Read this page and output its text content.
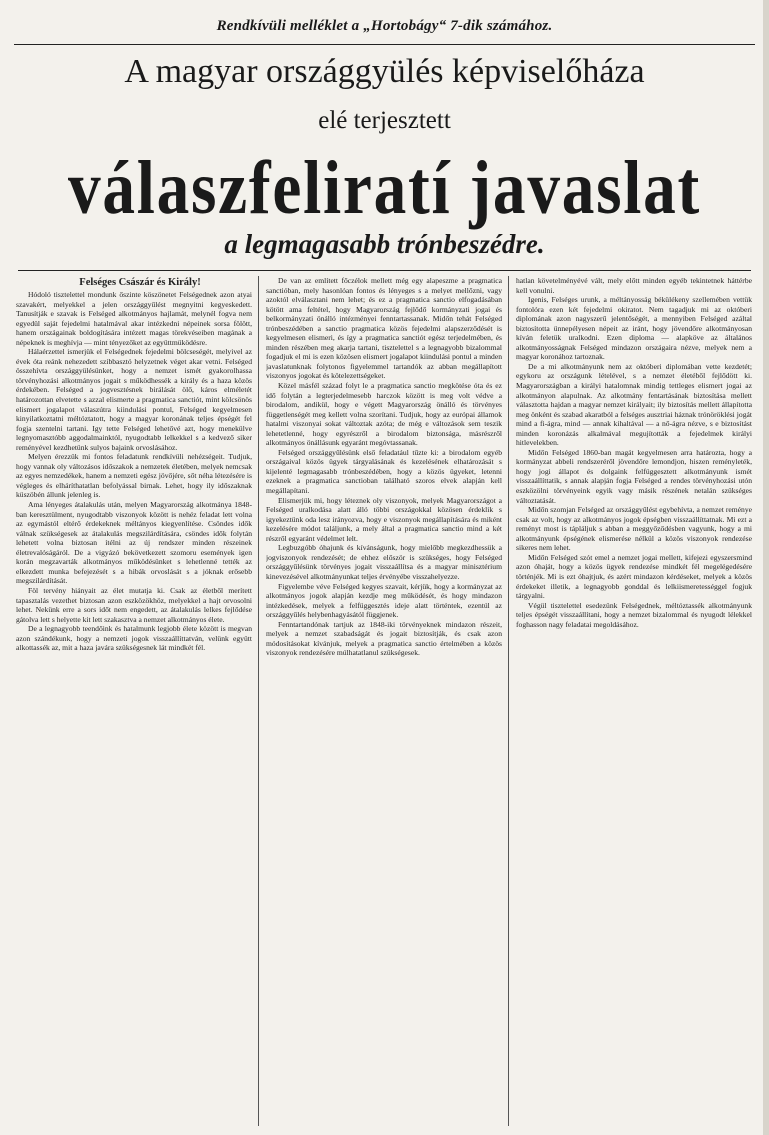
Rendkívüli melléklet a „Hortobágy“ 7-dik számához.
A magyar országgyülés képviselőháza
elé terjesztett
válaszfeliratí javaslat
a legmagasabb trónbeszédre.

Felséges Császár és Király!

Hódoló tisztelettel mondunk őszinte köszönetet Felségednek azon atyai szavakért, melyekkel a jelen országgyűlést megnyitni kegyeskedett. Tanusítják e szavak is Felséged alkotmányos hajlamát, melynél fogva nem egyedül saját fejedelmi hatalmával akar intézkedni népeinek sorsa fölött, hanem országainak boldogítására intézett magas törekvéseiben magának a népeknek is meghívja — mint tényezőket az együttmüködésre.

Hálaérzettel ismerjük el Felségednek fejedelmi bölcseségét, melyivel az évek óta reánk nehezedett szibbasztó helyzetnek véget akar vetni. Felséged összehívta országgyülésünket, hogy a nemzet ismét gyakorolhassa törvényhozási alkotmányos jogait s működhessék a király és a haza közös érdekében. Felséged a jogvesztésnek birálását ölő, káros elméletét határozottan elvetette s azzal elismerte a pragmatica sanctiót, mint kölcsönös elismert jogalapot válaszútra kiindulási pontul, Felséged kegyelmesen kinyilatkoztatni méltóztatott, hogy a magyar koronának teljes épségét fel fogja szentelni tartani. Igy tette Felséged lehetővé azt, hogy menekülve legnyomasztóbb aggodalmainktól, nyugodtabb lelkekkel s a kedvező siker reményével kezdhetünk sulyos bajaink orvoslásához.

Melyen érezzük mi fontos feladatunk rendkívüli nehézségeit. Tudjuk, hogy vannak oly változásos időszakok a nemzetek életében, melyek nemcsak az egyes nemzedékek, hanem a nemzeti egész jövőjére, sőt néha létezésére is végleges és elháríthatatlan befolyással birnak. Lehet, hogy ily időszaknak küszöbén állunk jelenleg is.

Ama lényeges átalakulás után, melyen Magyarország alkotmánya 1848-ban keresztülment, nyugodtabb viszonyok között is nehéz feladat lett volna az egymástól eltérő érdekeknek méltányos kiegyenlítése. Csöndes idők válnak szükségesek az átalakulás megszilárdítására, csöndes idők folytán lehetett volna biztosan ítélni az új rendszer minden részeinek életrevalóságáról. De a vigyázó bekövetkezett szomoru események igen korán megzavarták alkotmányos működésünket s lehetlenné tették az elkezdett munka befejezését s a hibák orvoslását s a jóknak erősebb megszilárdítását.

Föl tervény hiányait az élet mutatja ki. Csak az életből merített tapasztalás vezethet biztosan azon eszközökhöz, melyekkel a hajt orvosolni lehet. Nekünk erre a sors időt nem engedett, az átalakulás lelkes fejlődése gátolva lett s helyette kit lett szakasztva a nemzet alkotmányos élete.

De a legnagyobb teendőink és hatalmunk legjobb élete között is megvan azon szándékunk, hogy a nemzeti jogok visszaállíttatván, velünk együtt alkottassék az, mit a haza javára szükségesnek lát mindkét fél.

De van az említett főczélok mellett még egy alapeszme a pragmatica sanctióban, mely hasonlóan fontos és lényeges s a melyet mellőzni, vagy azoktól elválasztani nem lehet; és ez a pragmatica sanctio elfogadásában kötött ama feltétel, hogy Magyarország fejlődő kormányzati jogai és belkormányzati önálló intézményei fenntartassanak. Midőn tehát Felséged trónbeszédében a sanctio pragmatica közös fejedelmi alapszerződését is kegyelmesen elismeri, és így a pragmatica sanctiót egész terjedelmében, és minden részében meg akarja tartani, tisztelettel s a legnagyobb bizalommal fogadjuk el mi is ezen közösen elismert jogalapot kiindulási pontul a minden javaslatunknak folytonos figyelemmel tartandók az abban megállapított viszonyos jogokat és kötelezettségeket.

Közel másfél század folyt le a pragmatica sanctio megkötése óta és ez idő folytán a legterjedelmesebb harczok között is meg volt védve a birodalom, andikül, hogy e végett Magyarország önálló és törvényes függetlenségét meg kellett volna szorítani. Tudjuk, hogy az európai államok hatalmi viszonyai sokat változtak azóta; de még e változások sem teszik lehetetlenné, hogy egyrészről a birodalom biztonsága, másrészről alkotmányos önállásunk egyaránt megóvtassanak.

Felséged országgyűlésünk első feladatául tűzte ki: a birodalom egyéb országaival közös ügyek tárgyalásának és kezelésének elhatározását s kijelenté legmagasabb trónbeszédében, hogy a közös ügyeket, letenni ezeknek a pragmatica sanctioban található szoros elvek alapján kell megállapítani.

Elismerjük mi, hogy léteznek oly viszonyok, melyek Magyarországot a Felséged uralkodása alatt álló többi országokkal közösen érdeklik s igyekeztünk oda lesz irányozva, hogy e viszonyok megállapítására és miként kezelésére módot találjunk, a mely által a pragmatica sanctio mind a két részről egyaránt védelmet lelt.

Legbuzgóbb óhajunk és kívánságunk, hogy mielőbb megkezdhessük a jogviszonyok rendezését; de ehhez először is szükséges, hogy Felséged országgyűlésünk törvényes jogait visszaállítsa és a magyar minisztérium kinevezésével alkotmányunkat teljes érvényébe visszahelyezze.

Figyelembe véve Felséged kegyes szavait, kérjük, hogy a kormányzat az alkotmányos jogok alapján kezdje meg működését, és hogy mindazon intézkedések, melyek a felfüggesztés ideje alatt történtek, ezentúl az országgyűlés helybenhagyásától függjenek.

Fenntartandónak tartjuk az 1848-iki törvényeknek mindazon részeit, melyek a nemzet szabadságát és jogait biztosítják, és csak azon módosításokat kívánjuk, melyek a pragmatica sanctio értelmében a közös viszonyok rendezésére múlhatatlanul szükségesek.

hatlan követelményévé vált, mely előtt minden egyéb tekintetnek háttérbe kell vonulni.

Igenis, Felséges urunk, a méltányosság békülékeny szellemében vettük fontolóra ezen két fejedelmi okiratot. Nem tagadjuk mi az októberi diplomának azon nagyszerű jelentőségét, a mennyiben Felséged azáltal biztosította ünnepélyesen népeit az iránt, hogy jövendőre alkotmányosan kíván feletük uralkodni. Ezen diploma — alapköve az általános alkotmányosságnak Felséged mindazon országaira nézve, melyek nem a magyar koronához tartoznak.

De a mi alkotmányunk nem az októberi diplomában vette kezdetét; egykoru az országunk lételével, s a nemzet életéből fejlődött ki. Magyarországban a királyi hatalomnak mindig tettleges elismert jogai az alkotmányon alapulnak. Az alkotmány fentartásának biztosítása mellett választotta hajdan a magyar nemzet királyait; ily biztosítás mellett állapította meg önként és szabad akaratból a felséges ausztriai háznak trónöröklési jogát mind a fi-ágra, mind — annak kihaltával — a nő-ágra nézve, s e biztosítást minden koronázás alkalmával megujították a fejedelmek királyi hitlevelekben.

Midőn Felséged 1860-ban magát kegyelmesen arra határozta, hogy a kormányzat abbeli rendszeréről jövendőre lemondjon, hiszen reményleték, hogy jogi állapot és dolgaink felfüggesztett alkotmányunk ismét visszaállíttatik, s annak alapján fogja Felséged a rendes törvényhozási utón eszközölni törvényeink egyik vagy másik részének netalán szükséges változtatását.

Midőn szomjan Felséged az országgyűlést egybehívta, a nemzet reménye csak az volt, hogy az alkotmányos jogok épségben visszaállíttatnak. Mi ezt a reményt most is tápláljuk s abban a meggyőződésben vagyunk, hogy a mi alkotmányunk épségének elismerése nélkül a közös viszonyok rendezése sikeres nem lehet.

Midőn Felséged szót emel a nemzet jogai mellett, kifejezi egyszersmind azon óhaját, hogy a közös ügyek rendezése mindkét fél megelégedésére történjék. Mi is ezt óhajtjuk, és azért mindazon kérdéseket, melyek a közös érdekeket illetik, a legnagyobb gonddal és lelkiismeretességgel fogjuk tárgyalni.

Végül tisztelettel esedezünk Felségednek, méltóztassék alkotmányunk teljes épségét visszaállítani, hogy a nemzet bizalommal és nyugodt lélekkel foghasson nagy feladatai megoldásához.
